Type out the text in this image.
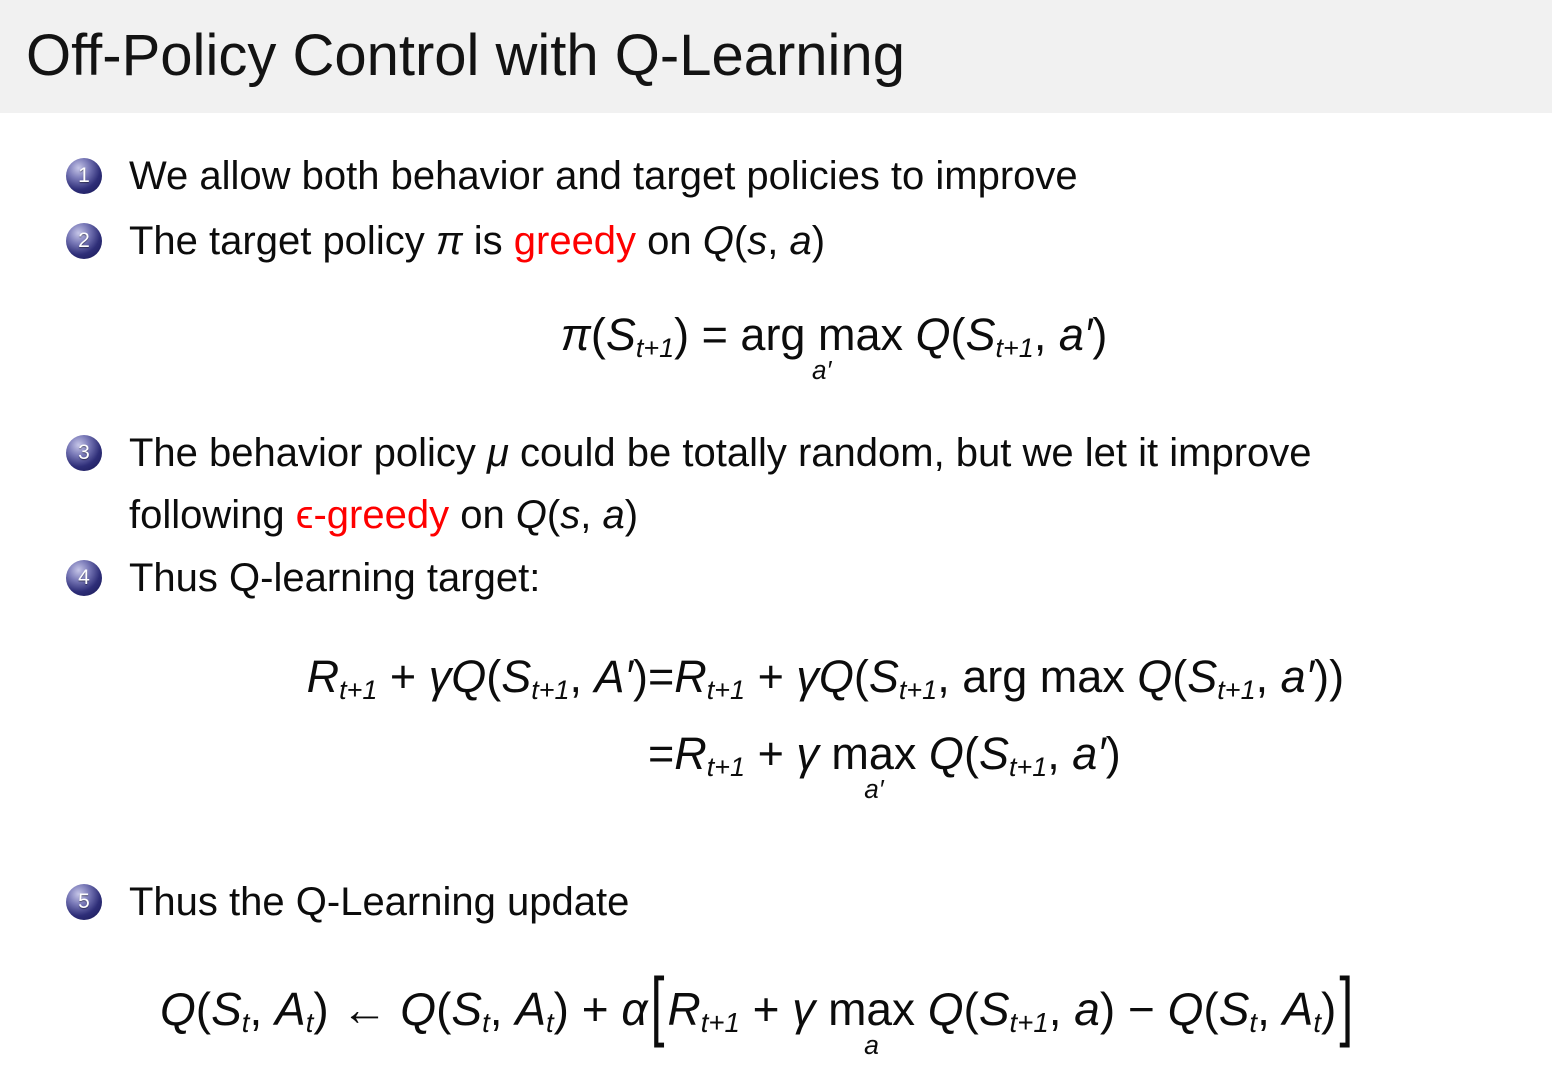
Off-Policy Control with Q-Learning
1 We allow both behavior and target policies to improve
2 The target policy π is greedy on Q(s, a)
$\pi(S_{t+1})$ = arg max
a′
$Q(S_{t+1}$, a′)
3 The behavior policy μ could be totally random, but we let it improve
following ϵ-greedy on Q(s, a)
4 Thus Q-learning target:
$R_{t+1} + \gamma Q(S_{t+1}$, $A') =R_{t+1} + \gamma Q(S_{t+1}$, arg $\max Q(S_{t+1}$, a′))
$=R_{t+1} + \gamma$ max
a′
$Q(S_{t+1}$, a′)
5 Thus the Q-Learning update
$Q(S_t$, $A_t$) ← $Q(S_t$, $A_t) + \alpha[R_{t+1} + \gamma$ max
a
$Q(S_{t+1}$, $a) - Q(S_t$, $A_t$)]
